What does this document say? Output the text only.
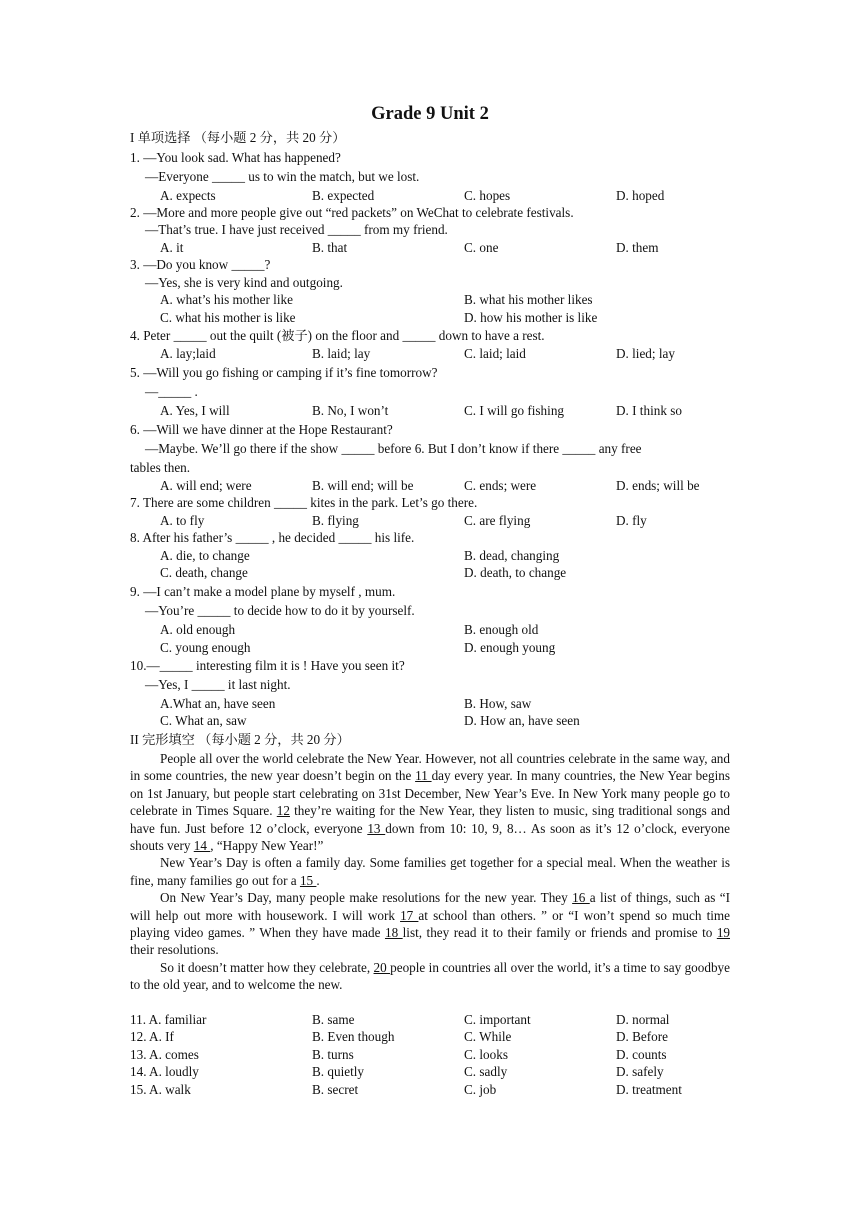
Grade 9 Unit 2
I 单项选择 （每小题 2 分，共 20 分）
1. —You look sad. What has happened?
—Everyone _____ us to win the match, but we lost.
A. expects	B. expected	C. hopes	D. hoped
2. —More and more people give out “red packets” on WeChat to celebrate festivals.
—That’s true. I have just received _____ from my friend.
A. it	B. that	C. one	D. them
3. —Do you know _____?
—Yes, she is very kind and outgoing.
A. what’s his mother like	B. what his mother likes
C. what his mother is like	D. how his mother is like
4. Peter _____ out the quilt (被子) on the floor and _____ down to have a rest.
A. lay;laid	B. laid; lay	C. laid; laid	D. lied; lay
5. —Will you go fishing or camping if it’s fine tomorrow?
—_____ .
A. Yes, I will	B. No, I won’t	C. I will go fishing	D. I think so
6. —Will we have dinner at the Hope Restaurant?
—Maybe. We’ll go there if the show _____ before 6. But I don’t know if there _____ any free
tables then.
A. will end; were	B. will end; will be	C. ends; were	D. ends; will be
7. There are some children _____ kites in the park. Let’s go there.
A. to fly	B. flying	C. are flying	D. fly
8. After his father’s _____ , he decided _____ his life.
A. die, to change	B. dead, changing
C. death, change	D. death, to change
9. —I can’t make a model plane by myself , mum.
—You’re _____ to decide how to do it by yourself.
A. old enough	B. enough old
C. young enough	D. enough young
10.—_____ interesting film it is ! Have you seen it?
—Yes, I _____ it last night.
A.What an, have seen	B. How, saw
C. What an, saw	D. How an, have seen
II 完形填空 （每小题 2 分，共 20 分）

People all over the world celebrate the New Year. However, not all countries celebrate in the same way, and in some countries, the new year doesn’t begin on the 11 day every year. In many countries, the New Year begins on 1st January, but people start celebrating on 31st December, New Year’s Eve. In New York many people go to celebrate in Times Square. 12 they’re waiting for the New Year, they listen to music, sing traditional songs and have fun. Just before 12 o’clock, everyone 13 down from 10: 10, 9, 8… As soon as it’s 12 o’clock, everyone shouts very 14 , “Happy New Year!”

New Year’s Day is often a family day. Some families get together for a special meal. When the weather is fine, many families go out for a 15 .

On New Year’s Day, many people make resolutions for the new year. They 16 a list of things, such as “I will help out more with housework. I will work 17 at school than others. ” or “I won’t spend so much time playing video games. ” When they have made 18 list, they read it to their family or friends and promise to 19 their resolutions.

So it doesn’t matter how they celebrate, 20 people in countries all over the world, it’s a time to say goodbye to the old year, and to welcome the new.

11. A. familiar	B. same	C. important	D. normal
12. A. If	B. Even though	C. While	D. Before
13. A. comes	B. turns	C. looks	D. counts
14. A. loudly	B. quietly	C. sadly	D. safely
15. A. walk	B. secret	C. job	D. treatment
